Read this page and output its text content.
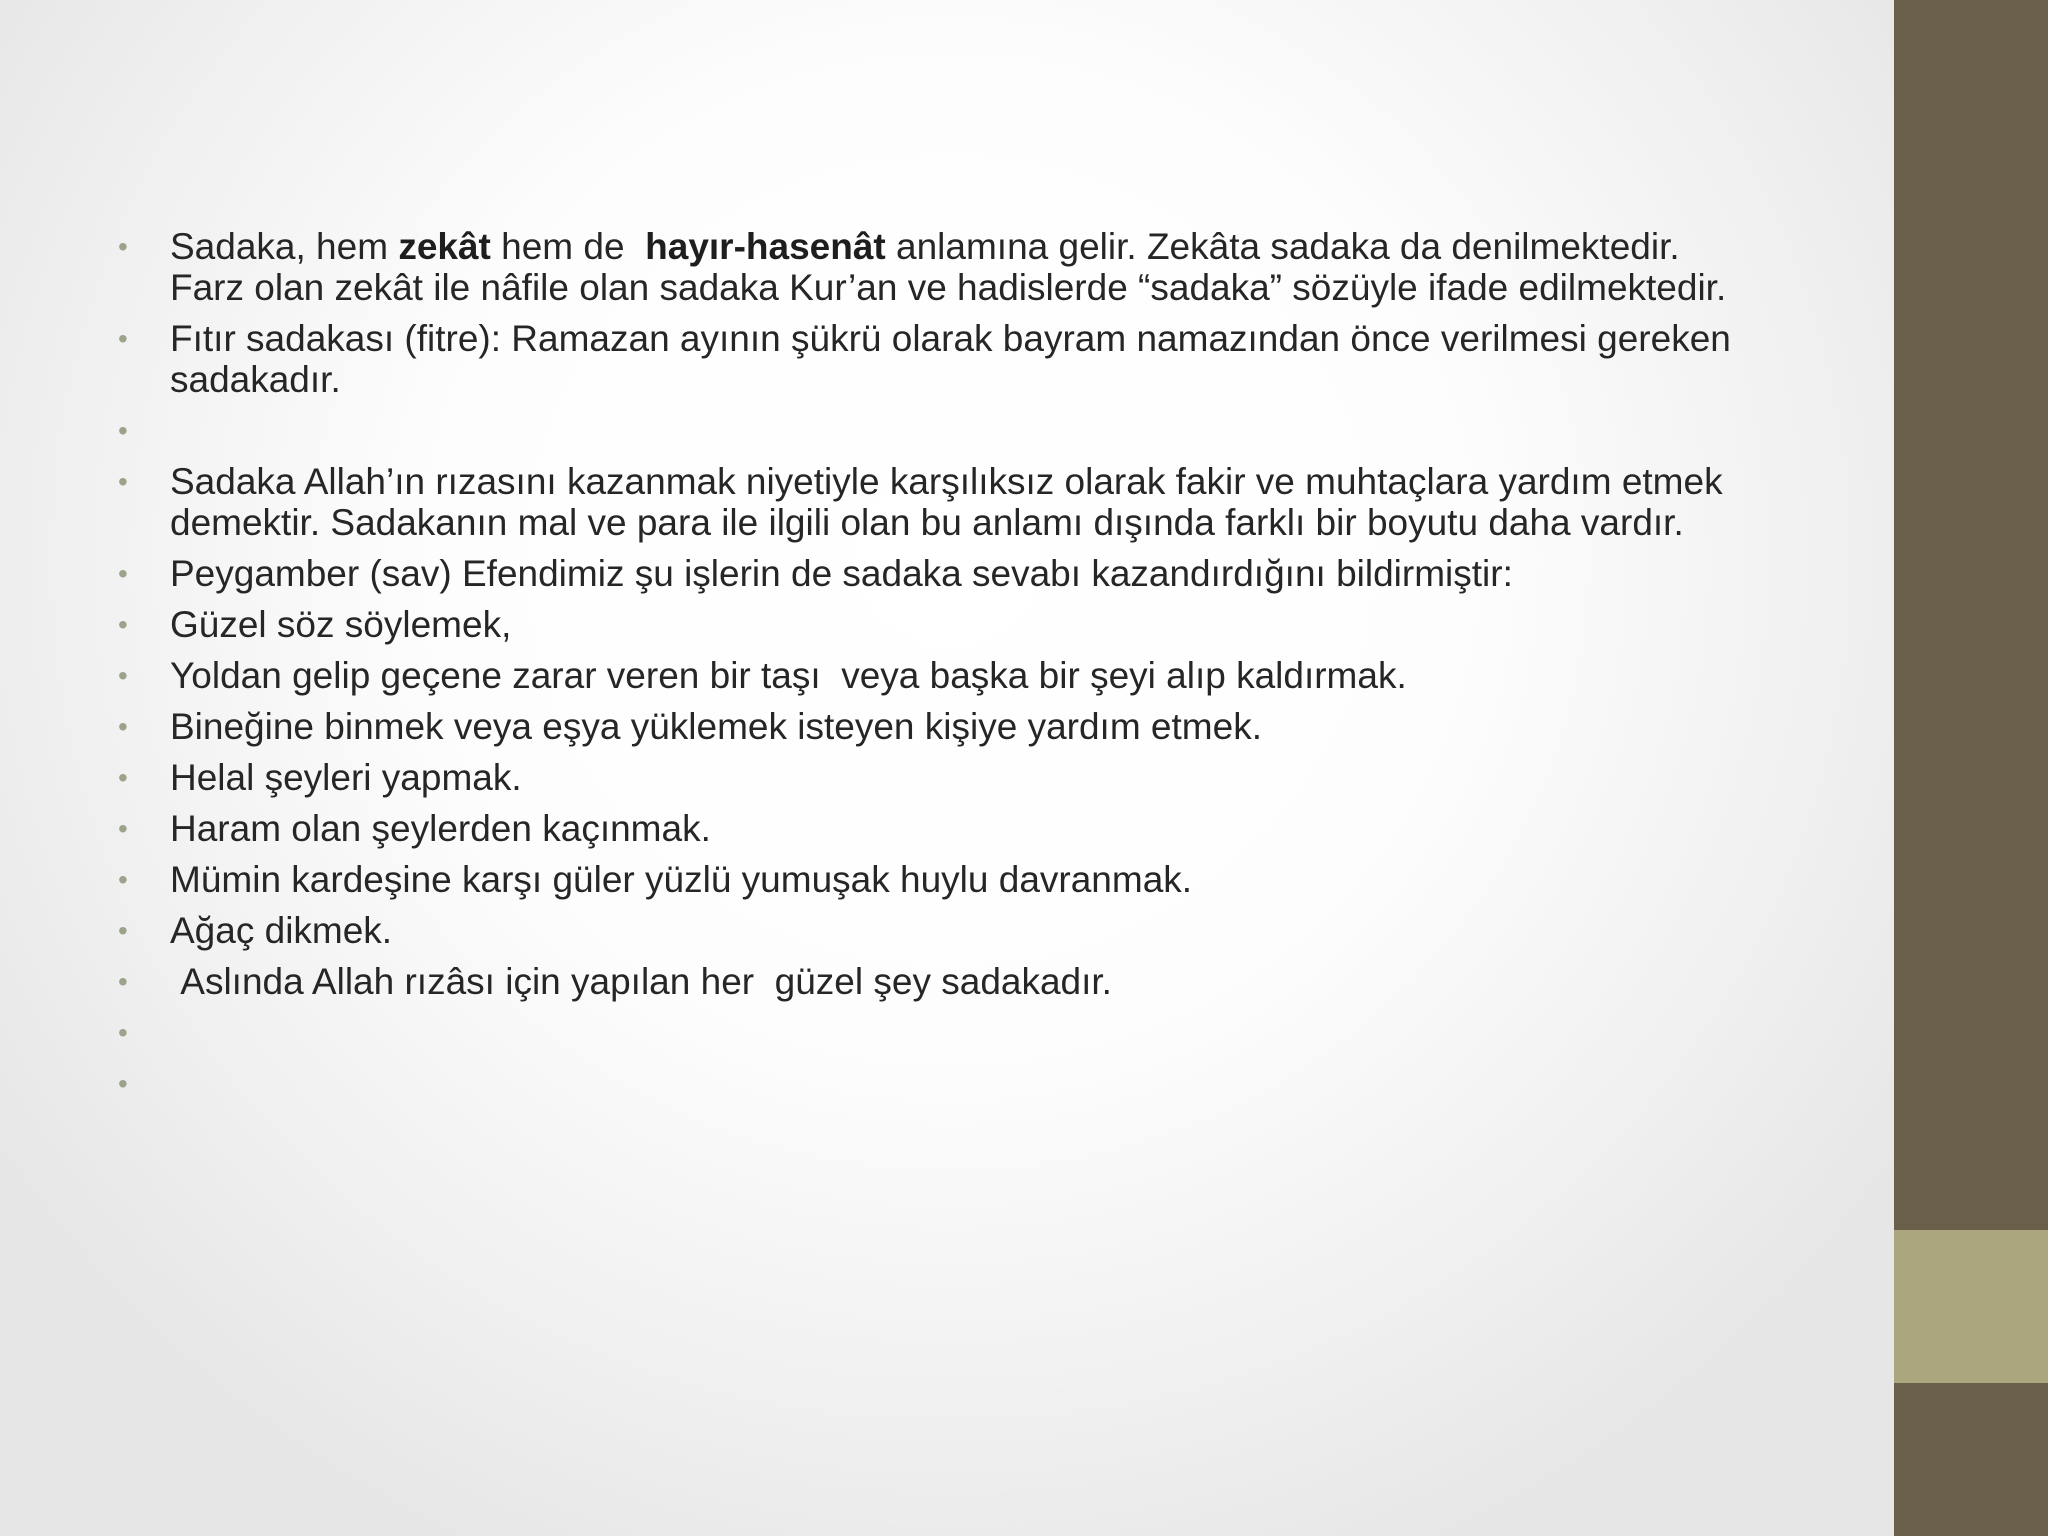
• Sadaka, hem zekât hem de  hayır-hasenât anlamına gelir. Zekâta sadaka da denilmektedir. Farz olan zekât ile nâfile olan sadaka Kur’an ve hadislerde “sadaka” sözüyle ifade edilmektedir.
• Fıtır sadakası (fitre): Ramazan ayının şükrü olarak bayram namazından önce verilmesi gereken sadakadır.
•
• Sadaka Allah’ın rızasını kazanmak niyetiyle karşılıksız olarak fakir ve muhtaçlara yardım etmek demektir. Sadakanın mal ve para ile ilgili olan bu anlamı dışında farklı bir boyutu daha vardır.
• Peygamber (sav) Efendimiz şu işlerin de sadaka sevabı kazandırdığını bildirmiştir:
• Güzel söz söylemek,
• Yoldan gelip geçene zarar veren bir taşı  veya başka bir şeyi alıp kaldırmak.
• Bineğine binmek veya eşya yüklemek isteyen kişiye yardım etmek.
• Helal şeyleri yapmak.
• Haram olan şeylerden kaçınmak.
• Mümin kardeşine karşı güler yüzlü yumuşak huylu davranmak.
• Ağaç dikmek.
• Aslında Allah rızâsı için yapılan her  güzel şey sadakadır.
•
•
